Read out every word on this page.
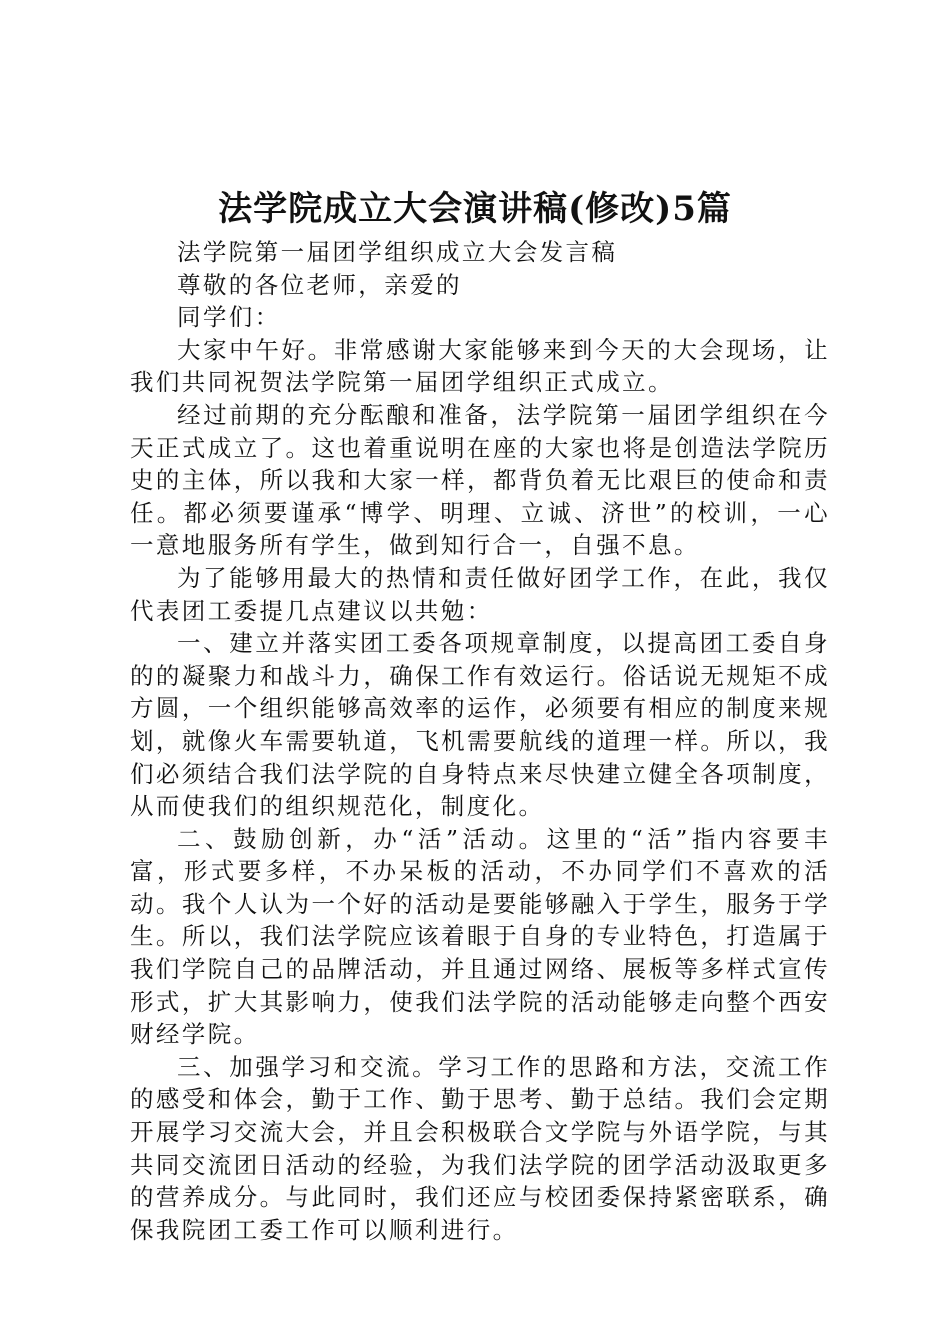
法学院成立大会演讲稿(修改)5篇

法学院第一届团学组织成立大会发言稿

尊敬的各位老师，亲爱的

同学们：

大家中午好。非常感谢大家能够来到今天的大会现场，让我们共同祝贺法学院第一届团学组织正式成立。

经过前期的充分酝酿和准备，法学院第一届团学组织在今天正式成立了。这也着重说明在座的大家也将是创造法学院历史的主体，所以我和大家一样，都背负着无比艰巨的使命和责任。都必须要谨承“博学、明理、立诚、济世”的校训，一心一意地服务所有学生，做到知行合一，自强不息。

为了能够用最大的热情和责任做好团学工作，在此，我仅代表团工委提几点建议以共勉：

一、建立并落实团工委各项规章制度，以提高团工委自身的的凝聚力和战斗力，确保工作有效运行。俗话说无规矩不成方圆，一个组织能够高效率的运作，必须要有相应的制度来规划，就像火车需要轨道，飞机需要航线的道理一样。所以，我们必须结合我们法学院的自身特点来尽快建立健全各项制度，从而使我们的组织规范化，制度化。

二、鼓励创新，办“活”活动。这里的“活”指内容要丰富，形式要多样，不办呆板的活动，不办同学们不喜欢的活动。我个人认为一个好的活动是要能够融入于学生，服务于学生。所以，我们法学院应该着眼于自身的专业特色，打造属于我们学院自己的品牌活动，并且通过网络、展板等多样式宣传形式，扩大其影响力，使我们法学院的活动能够走向整个西安财经学院。

三、加强学习和交流。学习工作的思路和方法，交流工作的感受和体会，勤于工作、勤于思考、勤于总结。我们会定期开展学习交流大会，并且会积极联合文学院与外语学院，与其共同交流团日活动的经验，为我们法学院的团学活动汲取更多的营养成分。与此同时，我们还应与校团委保持紧密联系，确保我院团工委工作可以顺利进行。
